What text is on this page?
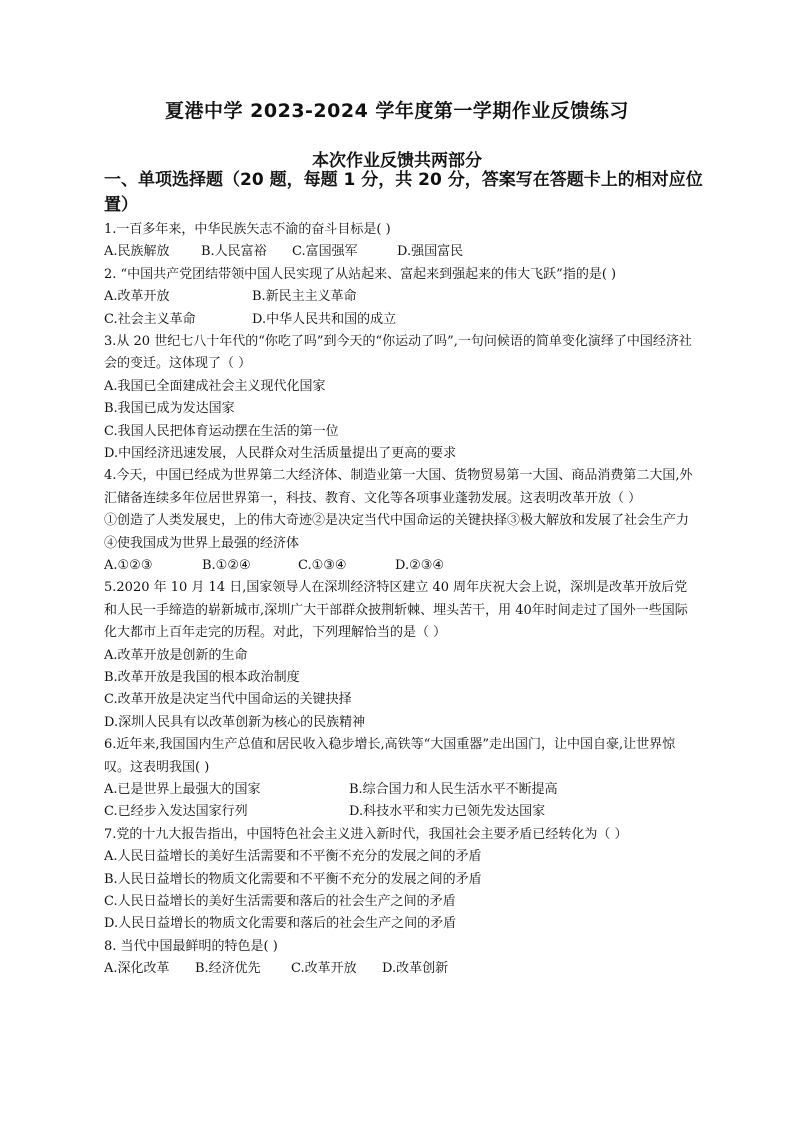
夏港中学 2023-2024 学年度第一学期作业反馈练习
本次作业反馈共两部分
一、单项选择题（20 题，每题 1 分，共 20 分，答案写在答题卡上的相对应位置）
1.一百多年来，中华民族矢志不渝的奋斗目标是( )
A.民族解放	B.人民富裕	C.富国强军	D.强国富民
2. “中国共产党团结带领中国人民实现了从站起来、富起来到强起来的伟大飞跃”指的是( )
A.改革开放	B.新民主主义革命
C.社会主义革命	D.中华人民共和国的成立
3.从 20 世纪七八十年代的“你吃了吗”到今天的“你运动了吗”,一句问候语的简单变化演绎了中国经济社会的变迁。这体现了（ ）
A.我国已全面建成社会主义现代化国家
B.我国已成为发达国家
C.我国人民把体育运动摆在生活的第一位
D.中国经济迅速发展，人民群众对生活质量提出了更高的要求
4.今天，中国已经成为世界第二大经济体、制造业第一大国、货物贸易第一大国、商品消费第二大国,外汇储备连续多年位居世界第一，科技、教育、文化等各项事业蓬勃发展。这表明改革开放（ ）
①创造了人类发展史，上的伟大奇迹②是决定当代中国命运的关键抉择③极大解放和发展了社会生产力④使我国成为世界上最强的经济体
A.①②③	B.①②④	C.①③④	D.②③④
5.2020 年 10 月 14 日,国家领导人在深圳经济特区建立 40 周年庆祝大会上说，深圳是改革开放后党和人民一手缔造的崭新城市,深圳广大干部群众披荆斩棘、埋头苦干，用 40年时间走过了国外一些国际化大都市上百年走完的历程。对此，下列理解恰当的是（ ）
A.改革开放是创新的生命
B.改革开放是我国的根本政治制度
C.改革开放是决定当代中国命运的关键抉择
D.深圳人民具有以改革创新为核心的民族精神
6.近年来,我国国内生产总值和居民收入稳步增长,高铁等“大国重器”走出国门，让中国自豪,让世界惊叹。这表明我国( )
A.已是世界上最强大的国家	B.综合国力和人民生活水平不断提高
C.已经步入发达国家行列	D.科技水平和实力已领先发达国家
7.党的十九大报告指出，中国特色社会主义进入新时代，我国社会主要矛盾已经转化为（ ）
A.人民日益增长的美好生活需要和不平衡不充分的发展之间的矛盾
B.人民日益增长的物质文化需要和不平衡不充分的发展之间的矛盾
C.人民日益增长的美好生活需要和落后的社会生产之间的矛盾
D.人民日益增长的物质文化需要和落后的社会生产之间的矛盾
8. 当代中国最鲜明的特色是( )
A.深化改革	B.经济优先	C.改革开放	D.改革创新
